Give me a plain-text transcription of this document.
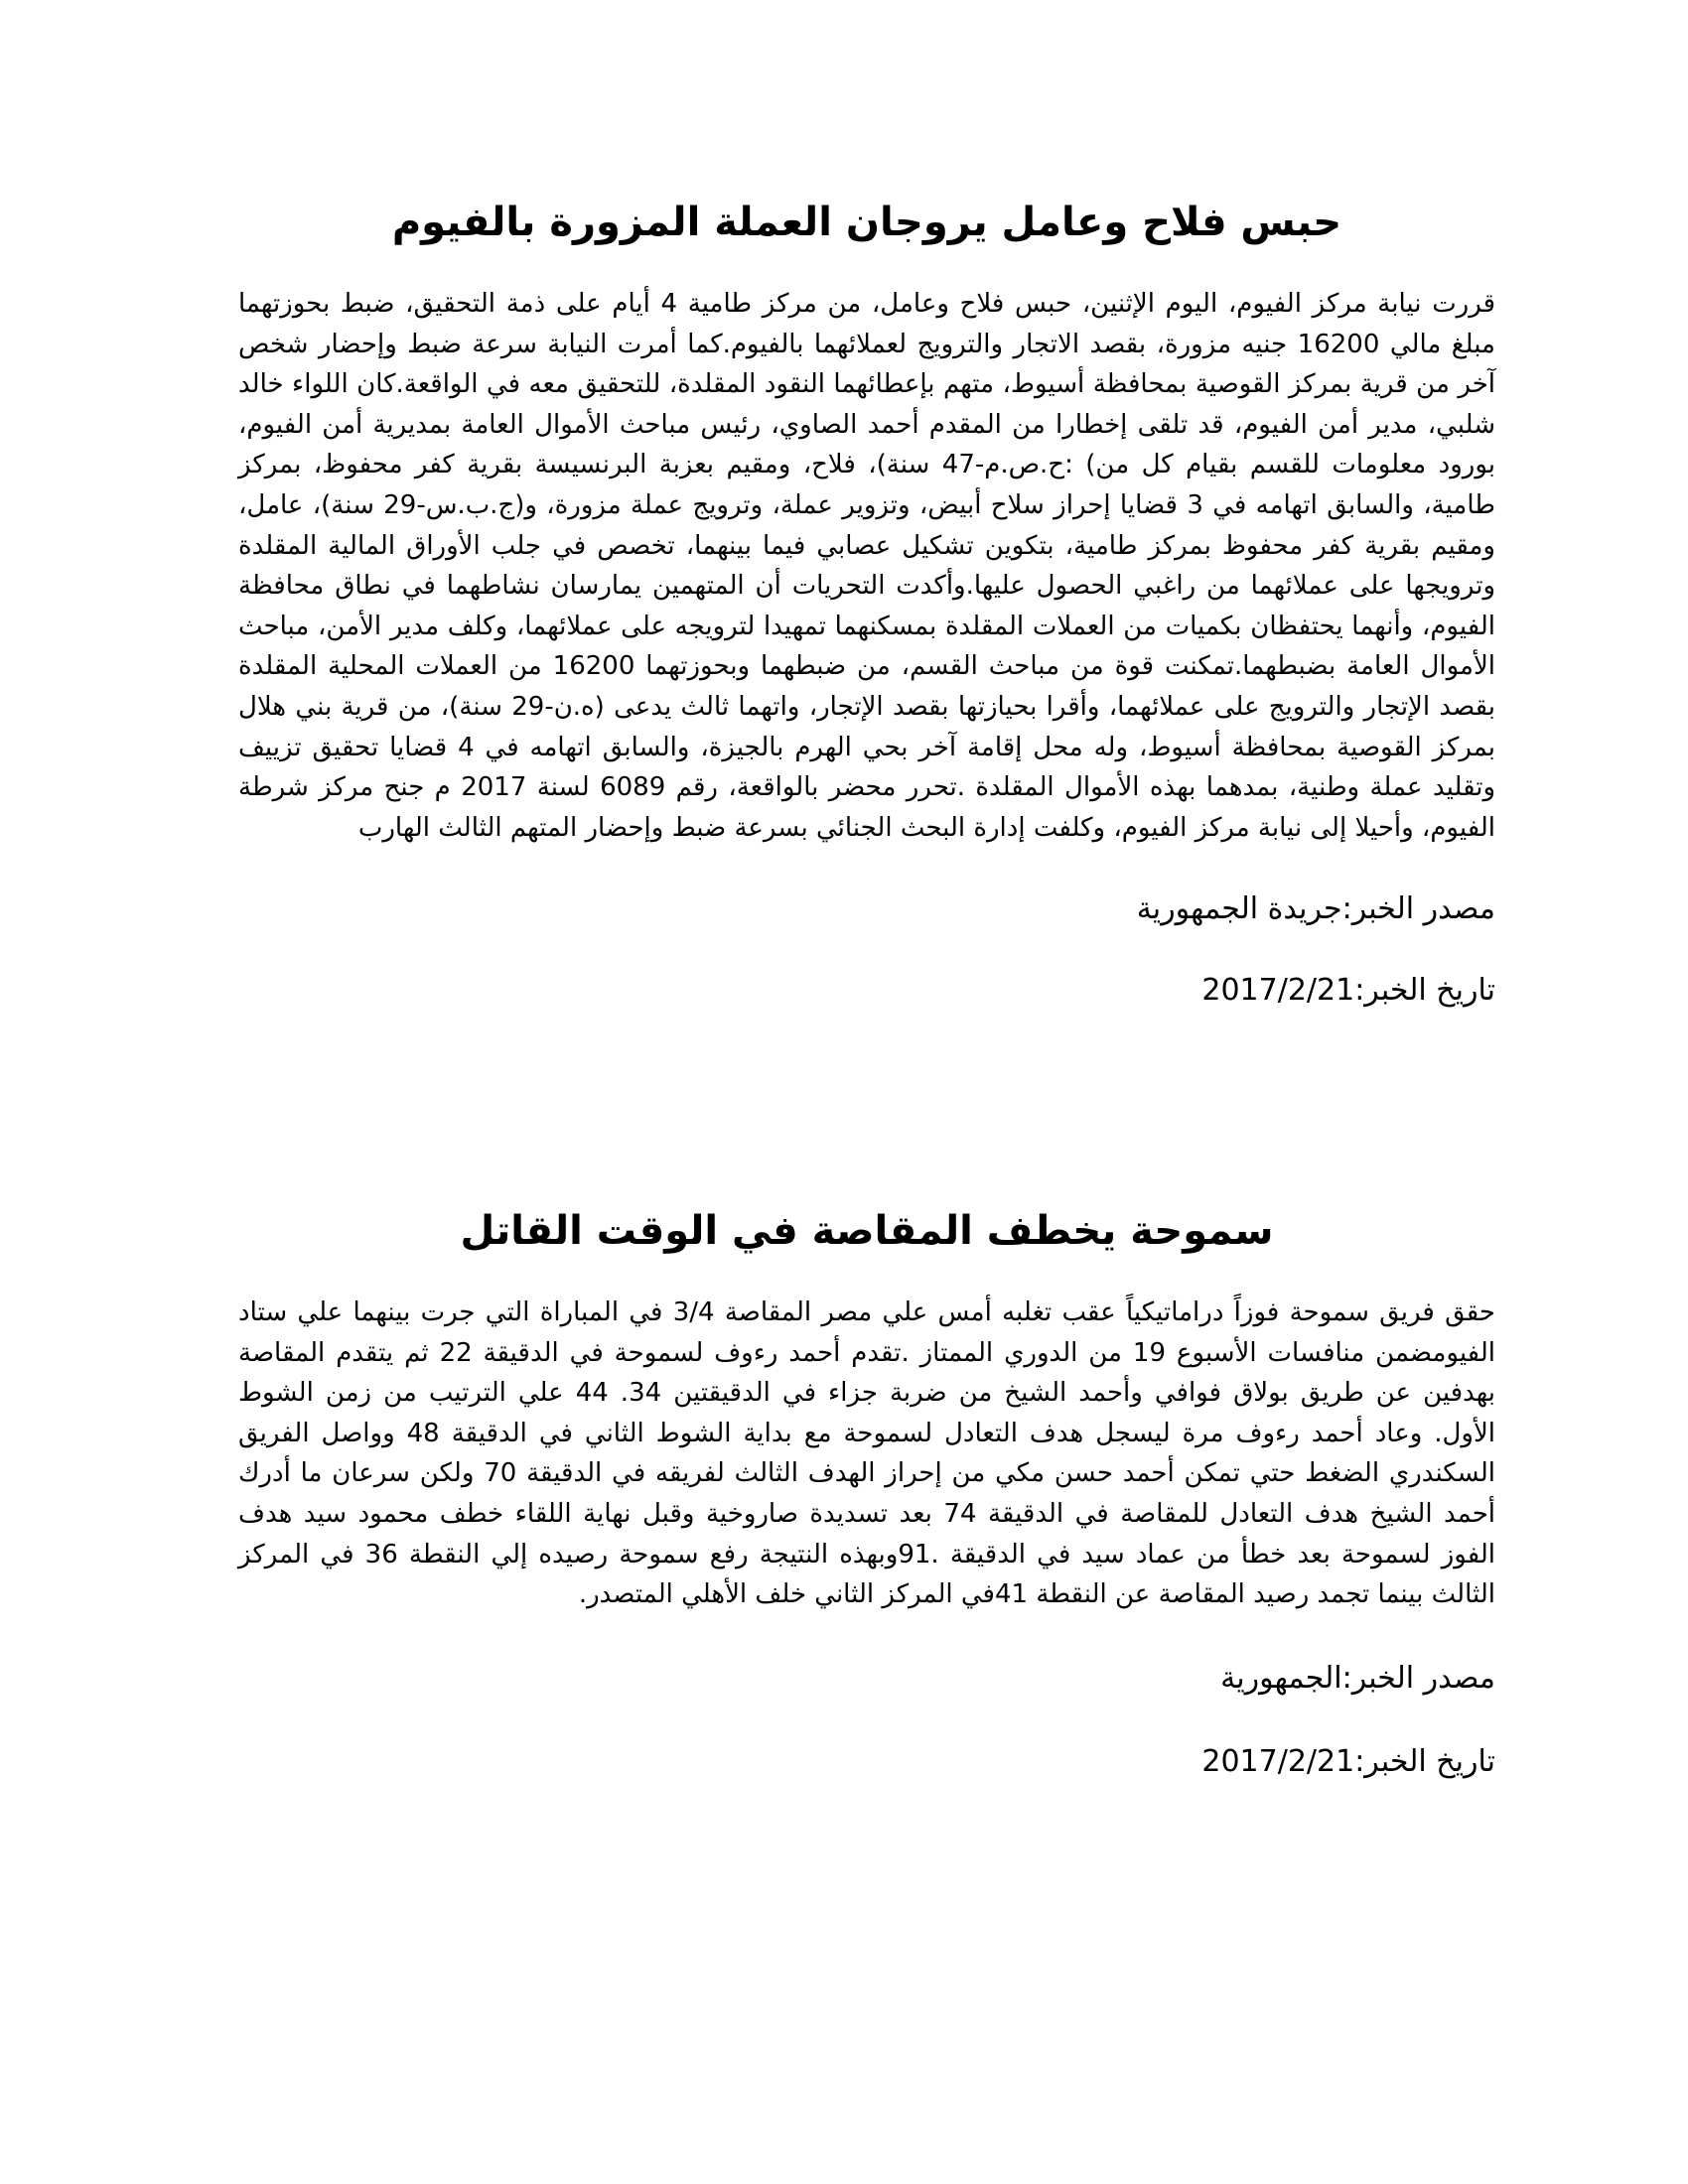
حبس فلاح وعامل يروجان العملة المزورة بالفيوم

قررت نيابة مركز الفيوم، اليوم الإثنين، حبس فلاح وعامل، من مركز طامية 4 أيام على ذمة التحقيق، ضبط بحوزتهما مبلغ مالي 16200 جنيه مزورة، بقصد الاتجار والترويج لعملائهما بالفيوم.كما أمرت النيابة سرعة ضبط وإحضار شخص آخر من قرية بمركز القوصية بمحافظة أسيوط، متهم بإعطائهما النقود المقلدة، للتحقيق معه في الواقعة.كان اللواء خالد شلبي، مدير أمن الفيوم، قد تلقى إخطارا من المقدم أحمد الصاوي، رئيس مباحث الأموال العامة بمديرية أمن الفيوم، بورود معلومات للقسم بقيام كل من) :ح.ص.م-47 سنة)، فلاح، ومقيم بعزبة البرنسيسة بقرية كفر محفوظ، بمركز طامية، والسابق اتهامه في 3 قضايا إحراز سلاح أبيض، وتزوير عملة، وترويج عملة مزورة، و(ج.ب.س-29 سنة)، عامل، ومقيم بقرية كفر محفوظ بمركز طامية، بتكوين تشكيل عصابي فيما بينهما، تخصص في جلب الأوراق المالية المقلدة وترويجها على عملائهما من راغبي الحصول عليها.وأكدت التحريات أن المتهمين يمارسان نشاطهما في نطاق محافظة الفيوم، وأنهما يحتفظان بكميات من العملات المقلدة بمسكنهما تمهيدا لترويجه على عملائهما، وكلف مدير الأمن، مباحث الأموال العامة بضبطهما.تمكنت قوة من مباحث القسم، من ضبطهما وبحوزتهما 16200 من العملات المحلية المقلدة بقصد الإتجار والترويج على عملائهما، وأقرا بحيازتها بقصد الإتجار، واتهما ثالث يدعى (ه.ن-29 سنة)، من قرية بني هلال بمركز القوصية بمحافظة أسيوط، وله محل إقامة آخر بحي الهرم بالجيزة، والسابق اتهامه في 4 قضايا تحقيق تزييف وتقليد عملة وطنية، بمدهما بهذه الأموال المقلدة .تحرر محضر بالواقعة، رقم 6089 لسنة 2017 م جنح مركز شرطة الفيوم، وأحيلا إلى نيابة مركز الفيوم، وكلفت إدارة البحث الجنائي بسرعة ضبط وإحضار المتهم الثالث الهارب

مصدر الخبر:جريدة الجمهورية

تاريخ الخبر:2017/2/21

سموحة يخطف المقاصة في الوقت القاتل

حقق فريق سموحة فوزاً دراماتيكياً عقب تغلبه أمس علي مصر المقاصة 3/4 في المباراة التي جرت بينهما علي ستاد الفيومضمن منافسات الأسبوع 19 من الدوري الممتاز .تقدم أحمد رءوف لسموحة في الدقيقة 22 ثم يتقدم المقاصة بهدفين عن طريق بولاق فوافي وأحمد الشيخ من ضربة جزاء في الدقيقتين 34. 44 علي الترتيب من زمن الشوط الأول. وعاد أحمد رءوف مرة ليسجل هدف التعادل لسموحة مع بداية الشوط الثاني في الدقيقة 48 وواصل الفريق السكندري الضغط حتي تمكن أحمد حسن مكي من إحراز الهدف الثالث لفريقه في الدقيقة 70 ولكن سرعان ما أدرك أحمد الشيخ هدف التعادل للمقاصة في الدقيقة 74 بعد تسديدة صاروخية وقبل نهاية اللقاء خطف محمود سيد هدف الفوز لسموحة بعد خطأ من عماد سيد في الدقيقة .91وبهذه النتيجة رفع سموحة رصيده إلي النقطة 36 في المركز الثالث بينما تجمد رصيد المقاصة عن النقطة 41في المركز الثاني خلف الأهلي المتصدر.

مصدر الخبر:الجمهورية

تاريخ الخبر:2017/2/21
